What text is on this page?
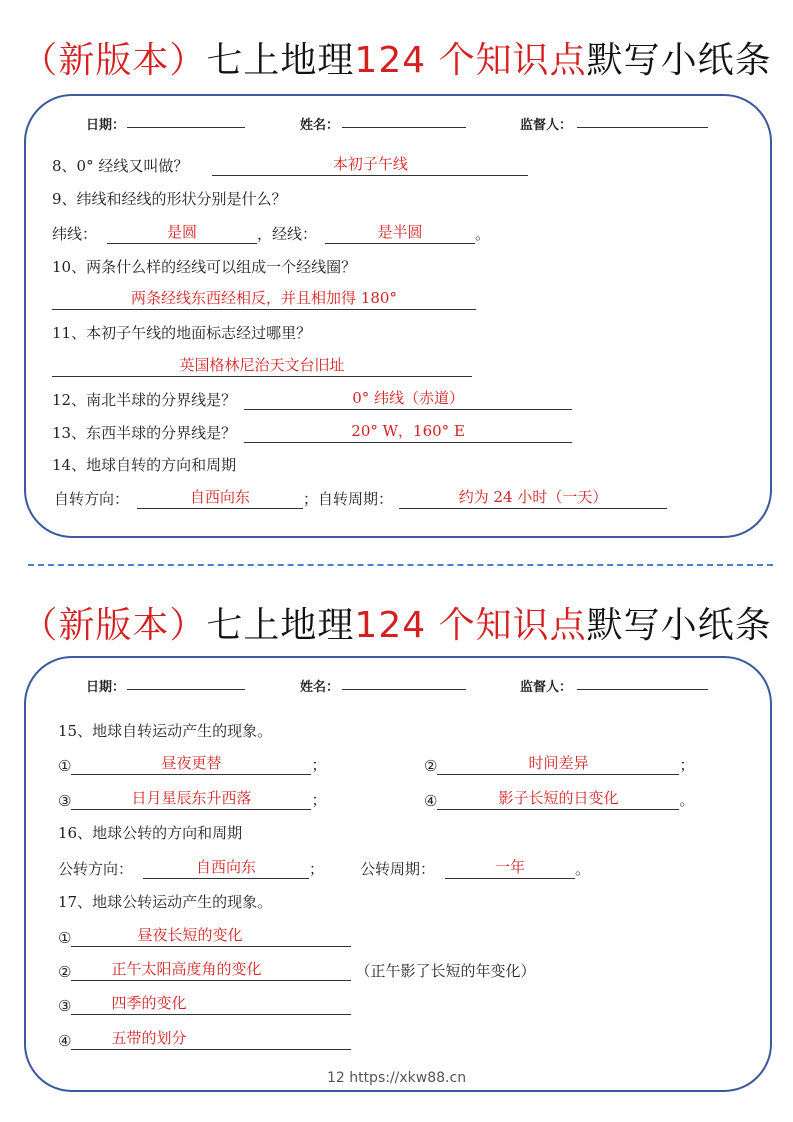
（新版本）七上地理124 个知识点默写小纸条
日期：	姓名：	监督人：
8、0° 经线又叫做？	本初子午线
9、纬线和经线的形状分别是什么？
纬线：	是圆	，经线：	是半圆	。
10、两条什么样的经线可以组成一个经线圈？
两条经线东西经相反，并且相加得 180°
11、本初子午线的地面标志经过哪里？
英国格林尼治天文台旧址
12、南北半球的分界线是？	0° 纬线（赤道）
13、东西半球的分界线是？	20° W，160° E
14、地球自转的方向和周期
自转方向：	自西向东	；自转周期：	约为 24 小时（一天）
（新版本）七上地理124 个知识点默写小纸条
日期：	姓名：	监督人：
15、地球自转运动产生的现象。
①	昼夜更替	；	②	时间差异	；
③	日月星辰东升西落	；	④	影子长短的日变化	。
16、地球公转的方向和周期
公转方向：	自西向东	； 公转周期：	一年	。
17、地球公转运动产生的现象。
①	昼夜长短的变化
②	正午太阳高度角的变化	（正午影了长短的年变化）
③	四季的变化
④	五带的划分
12 https://xkw88.cn
